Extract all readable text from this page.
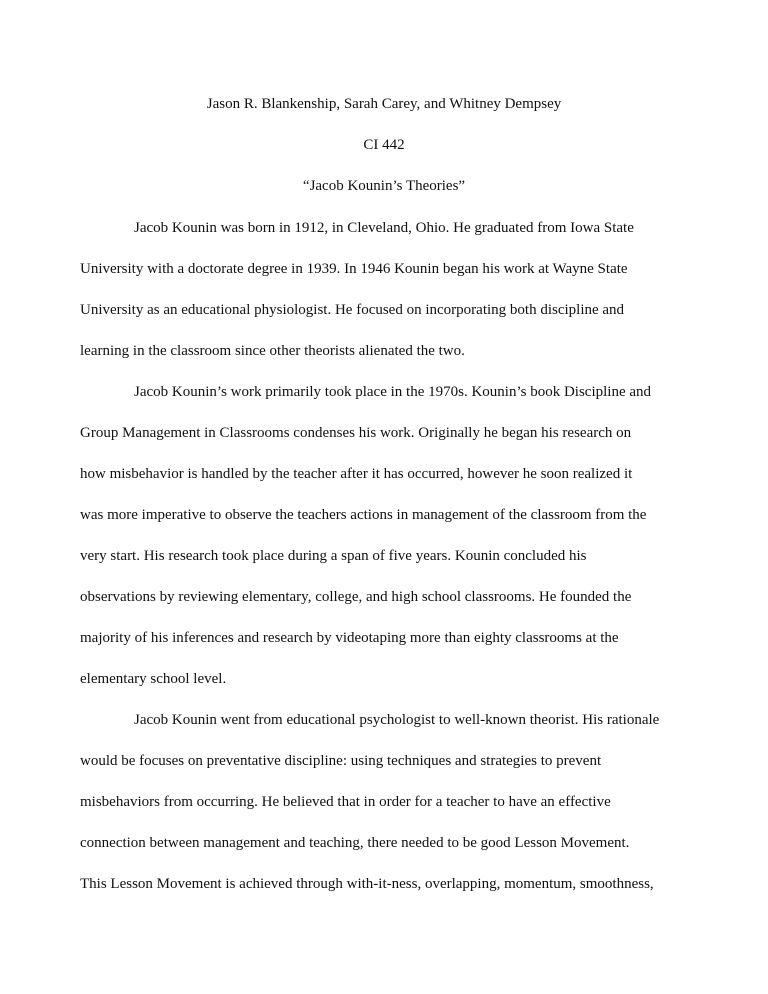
Jason R. Blankenship, Sarah Carey, and Whitney Dempsey
CI 442
“Jacob Kounin’s Theories”
Jacob Kounin was born in 1912, in Cleveland, Ohio. He graduated from Iowa State
University with a doctorate degree in 1939. In 1946 Kounin began his work at Wayne State
University as an educational physiologist. He focused on incorporating both discipline and
learning in the classroom since other theorists alienated the two.
Jacob Kounin’s work primarily took place in the 1970s. Kounin’s book Discipline and
Group Management in Classrooms condenses his work. Originally he began his research on
how misbehavior is handled by the teacher after it has occurred, however he soon realized it
was more imperative to observe the teachers actions in management of the classroom from the
very start. His research took place during a span of five years. Kounin concluded his
observations by reviewing elementary, college, and high school classrooms. He founded the
majority of his inferences and research by videotaping more than eighty classrooms at the
elementary school level.
Jacob Kounin went from educational psychologist to well-known theorist. His rationale
would be focuses on preventative discipline: using techniques and strategies to prevent
misbehaviors from occurring. He believed that in order for a teacher to have an effective
connection between management and teaching, there needed to be good Lesson Movement.
This Lesson Movement is achieved through with-it-ness, overlapping, momentum, smoothness,
